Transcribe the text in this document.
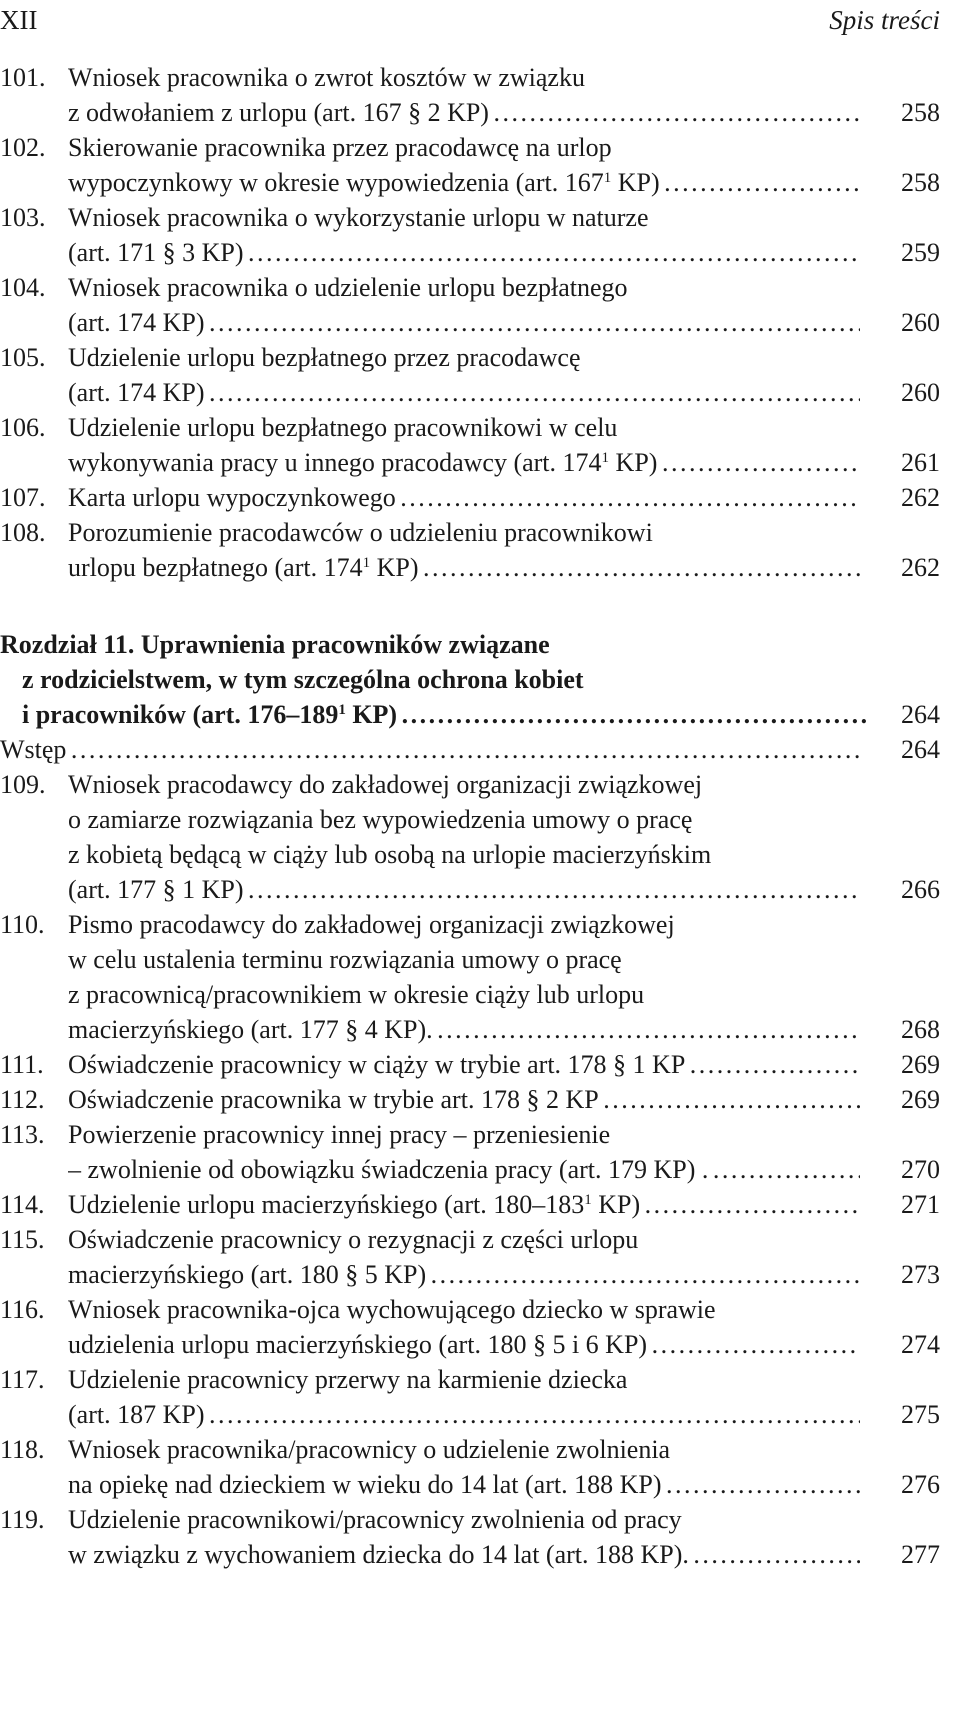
XII	Spis treści
101. Wniosek pracownika o zwrot kosztów w związku
z odwołaniem z urlopu (art. 167 § 2 KP) . . .	258
102. Skierowanie pracownika przez pracodawcę na urlop
wypoczynkowy w okresie wypowiedzenia (art. $167^1$ KP) . . .	258
103. Wniosek pracownika o wykorzystanie urlopu w naturze
(art. 171 § 3 KP) . . .	259
104. Wniosek pracownika o udzielenie urlopu bezpłatnego
(art. 174 KP) . . .	260
105. Udzielenie urlopu bezpłatnego przez pracodawcę
(art. 174 KP) . . .	260
106. Udzielenie urlopu bezpłatnego pracownikowi w celu
wykonywania pracy u innego pracodawcy (art. $174^1$ KP) . . .	261
107. Karta urlopu wypoczynkowego . . .	262
108. Porozumienie pracodawców o udzieleniu pracownikowi
urlopu bezpłatnego (art. $174^1$ KP) . . .	262
Rozdział 11. Uprawnienia pracowników związane
z rodzicielstwem, w tym szczególna ochrona kobiet
i pracowników (art. $176-189^1$ KP) . . .	264
Wstęp . . .	264
109. Wniosek pracodawcy do zakładowej organizacji związkowej
o zamiarze rozwiązania bez wypowiedzenia umowy o pracę
z kobietą będącą w ciąży lub osobą na urlopie macierzyńskim
(art. 177 § 1 KP) . . .	266
110. Pismo pracodawcy do zakładowej organizacji związkowej
w celu ustalenia terminu rozwiązania umowy o pracę
z pracownicą/pracownikiem w okresie ciąży lub urlopu
macierzyńskiego (art. 177 § 4 KP). . . .	268
111. Oświadczenie pracownicy w ciąży w trybie art. 178 § 1 KP . . .	269
112. Oświadczenie pracownika w trybie art. 178 § 2 KP . . .	269
113. Powierzenie pracownicy innej pracy – przeniesienie
– zwolnienie od obowiązku świadczenia pracy (art. 179 KP) . . . .	270
114. Udzielenie urlopu macierzyńskiego (art. $180-183^1$ KP) . . .	271
115. Oświadczenie pracownicy o rezygnacji z części urlopu
macierzyńskiego (art. 180 § 5 KP) . . .	273
116. Wniosek pracownika-ojca wychowującego dziecko w sprawie
udzielenia urlopu macierzyńskiego (art. 180 § 5 i 6 KP) . . .	274
117. Udzielenie pracownicy przerwy na karmienie dziecka
(art. 187 KP) . . .	275
118. Wniosek pracownika/pracownicy o udzielenie zwolnienia
na opiekę nad dzieckiem w wieku do 14 lat (art. 188 KP) . . .	276
119. Udzielenie pracownikowi/pracownicy zwolnienia od pracy
w związku z wychowaniem dziecka do 14 lat (art. 188 KP). . . .	277
